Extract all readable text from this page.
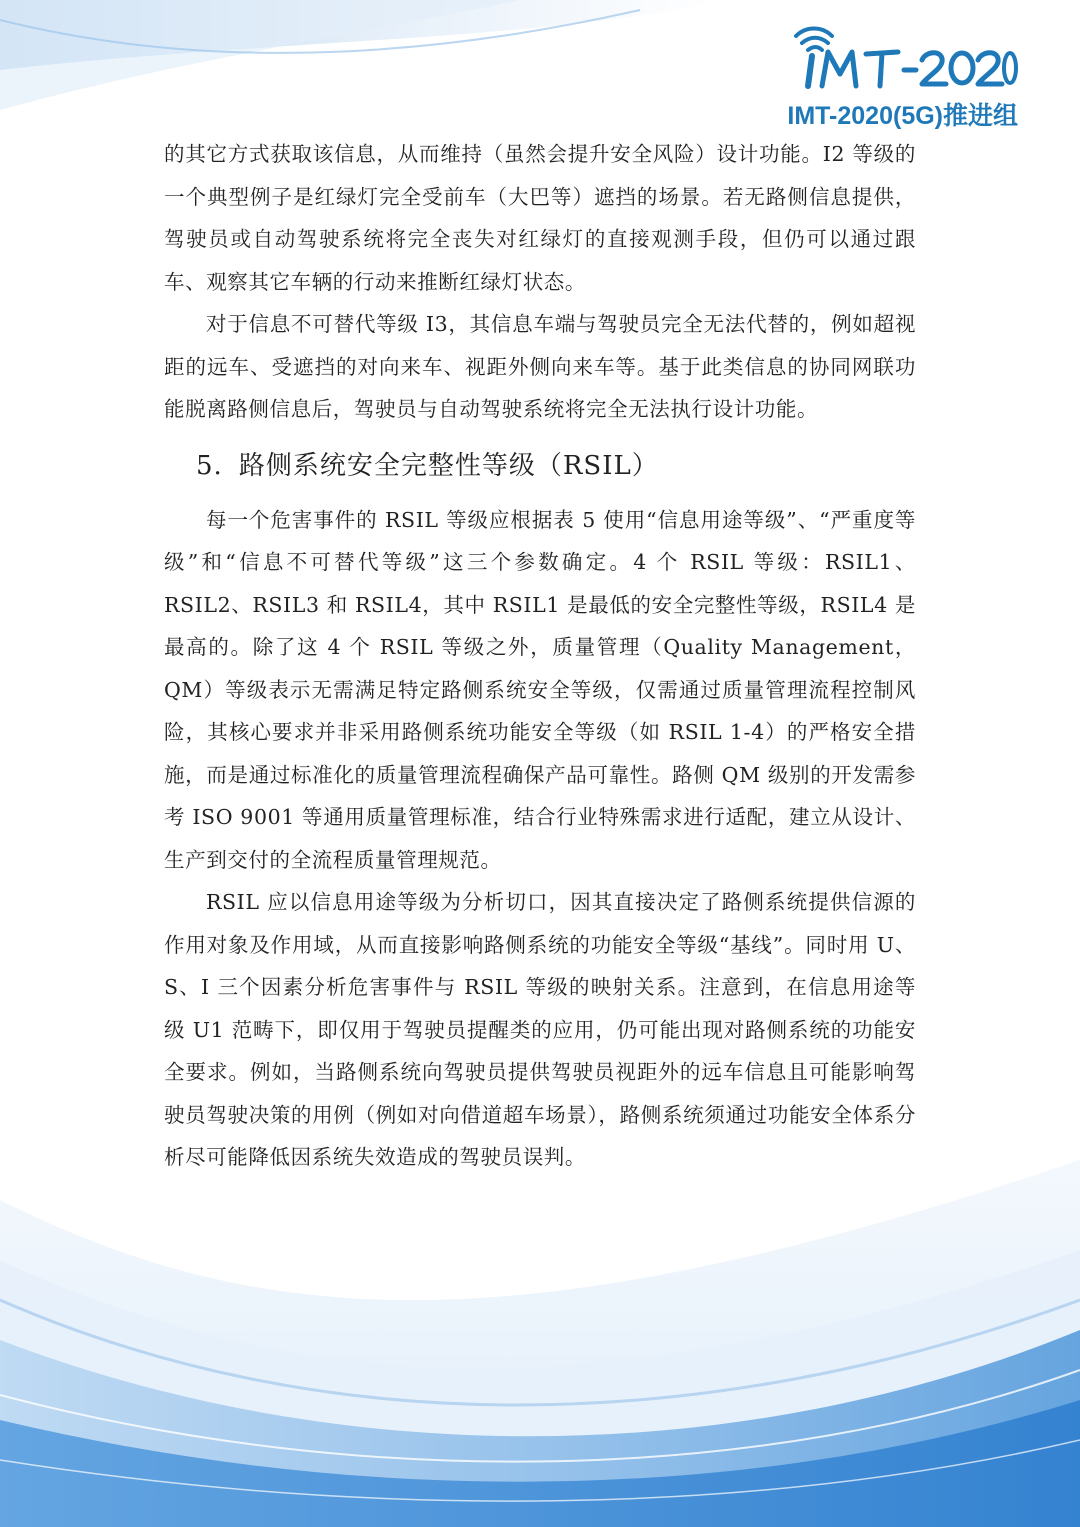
IMT-2020(5G)推进组

的其它方式获取该信息，从而维持（虽然会提升安全风险）设计功能。I2 等级的一个典型例子是红绿灯完全受前车（大巴等）遮挡的场景。若无路侧信息提供，驾驶员或自动驾驶系统将完全丧失对红绿灯的直接观测手段，但仍可以通过跟车、观察其它车辆的行动来推断红绿灯状态。

对于信息不可替代等级 I3，其信息车端与驾驶员完全无法代替的，例如超视距的远车、受遮挡的对向来车、视距外侧向来车等。基于此类信息的协同网联功能脱离路侧信息后，驾驶员与自动驾驶系统将完全无法执行设计功能。

5. 路侧系统安全完整性等级（RSIL）

每一个危害事件的 RSIL 等级应根据表 5 使用“信息用途等级”、“严重度等级”和“信息不可替代等级”这三个参数确定。4 个 RSIL 等级：RSIL1、RSIL2、RSIL3 和 RSIL4，其中 RSIL1 是最低的安全完整性等级，RSIL4 是最高的。除了这 4 个 RSIL 等级之外，质量管理（Quality Management，QM）等级表示无需满足特定路侧系统安全等级，仅需通过质量管理流程控制风险，其核心要求并非采用路侧系统功能安全等级（如 RSIL 1-4）的严格安全措施，而是通过标准化的质量管理流程确保产品可靠性。路侧 QM 级别的开发需参考 ISO 9001 等通用质量管理标准，结合行业特殊需求进行适配，建立从设计、生产到交付的全流程质量管理规范。

RSIL 应以信息用途等级为分析切口，因其直接决定了路侧系统提供信源的作用对象及作用域，从而直接影响路侧系统的功能安全等级“基线”。同时用 U、S、I 三个因素分析危害事件与 RSIL 等级的映射关系。注意到，在信息用途等级 U1 范畴下，即仅用于驾驶员提醒类的应用，仍可能出现对路侧系统的功能安全要求。例如，当路侧系统向驾驶员提供驾驶员视距外的远车信息且可能影响驾驶员驾驶决策的用例（例如对向借道超车场景），路侧系统须通过功能安全体系分析尽可能降低因系统失效造成的驾驶员误判。
